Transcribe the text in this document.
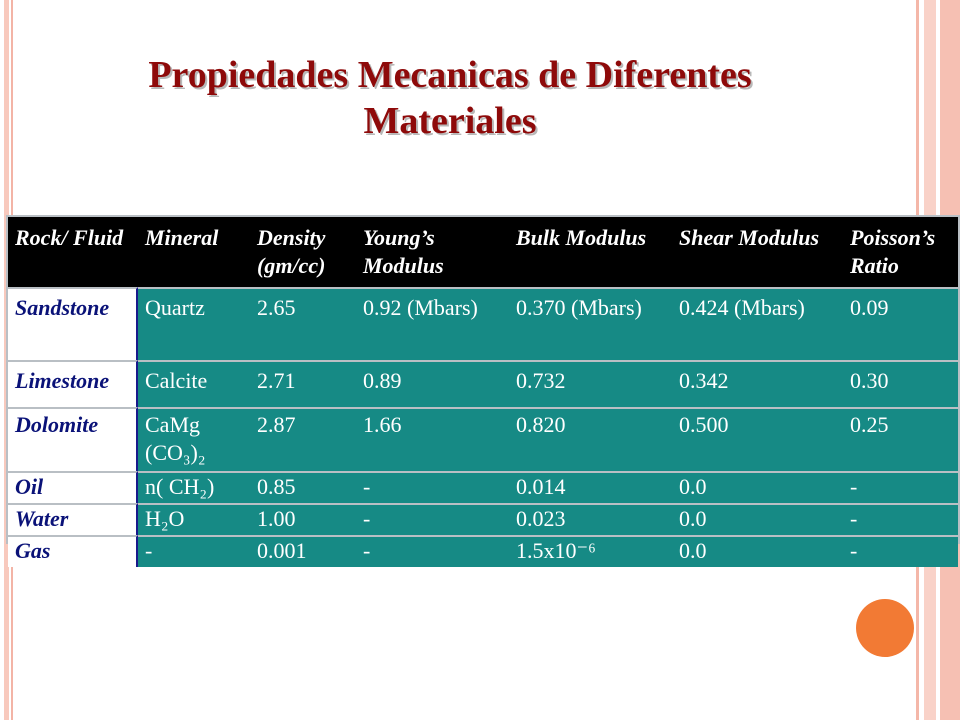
Propiedades Mecanicas de Diferentes
Materiales
Rock/ Fluid	Mineral	Density (gm/cc)	Young’s Modulus	Bulk Modulus	Shear Modulus	Poisson’s Ratio
Sandstone	Quartz	2.65	0.92 (Mbars)	0.370 (Mbars)	0.424 (Mbars)	0.09
Limestone	Calcite	2.71	0.89	0.732	0.342	0.30
Dolomite	CaMg (CO₃)₂	2.87	1.66	0.820	0.500	0.25
Oil	n( CH₂)	0.85	-	0.014	0.0	-
Water	H₂O	1.00	-	0.023	0.0	-
Gas	-	0.001	-	1.5x10⁻⁶	0.0	-
